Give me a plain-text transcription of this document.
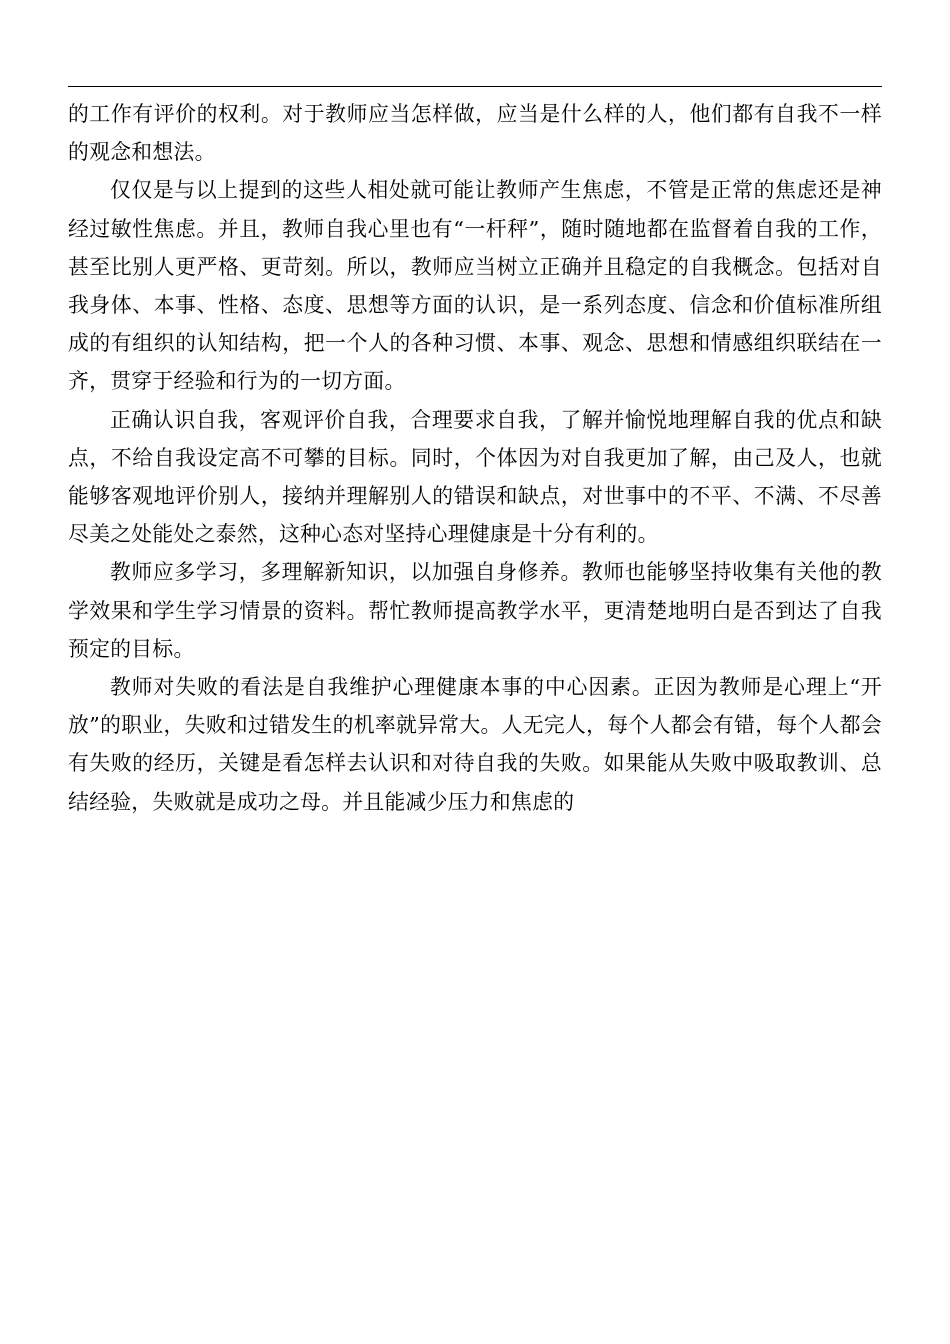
的工作有评价的权利。对于教师应当怎样做，应当是什么样的人，他们都有自我不一样的观念和想法。

仅仅是与以上提到的这些人相处就可能让教师产生焦虑，不管是正常的焦虑还是神经过敏性焦虑。并且，教师自我心里也有“一杆秤”，随时随地都在监督着自我的工作，甚至比别人更严格、更苛刻。所以，教师应当树立正确并且稳定的自我概念。包括对自我身体、本事、性格、态度、思想等方面的认识，是一系列态度、信念和价值标准所组成的有组织的认知结构，把一个人的各种习惯、本事、观念、思想和情感组织联结在一齐，贯穿于经验和行为的一切方面。

正确认识自我，客观评价自我，合理要求自我，了解并愉悦地理解自我的优点和缺点，不给自我设定高不可攀的目标。同时，个体因为对自我更加了解，由己及人，也就能够客观地评价别人，接纳并理解别人的错误和缺点，对世事中的不平、不满、不尽善尽美之处能处之泰然，这种心态对坚持心理健康是十分有利的。

教师应多学习，多理解新知识，以加强自身修养。教师也能够坚持收集有关他的教学效果和学生学习情景的资料。帮忙教师提高教学水平，更清楚地明白是否到达了自我预定的目标。

教师对失败的看法是自我维护心理健康本事的中心因素。正因为教师是心理上“开放”的职业，失败和过错发生的机率就异常大。人无完人，每个人都会有错，每个人都会有失败的经历，关键是看怎样去认识和对待自我的失败。如果能从失败中吸取教训、总结经验，失败就是成功之母。并且能减少压力和焦虑的
